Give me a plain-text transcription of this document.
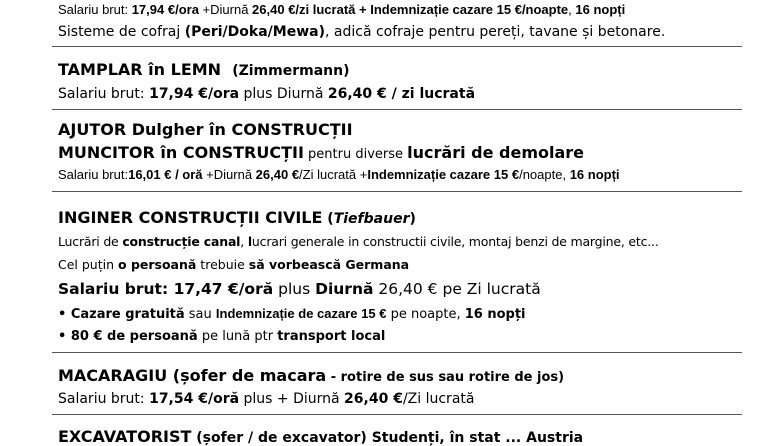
Salariu brut: 17,94 €/ora +Diurnă 26,40 €/zi lucrată + Indemnizație cazare 15 €/noapte, 16 nopți
Sisteme de cofraj (Peri/Doka/Mewa), adică cofraje pentru pereți, tavane și betonare.
TAMPLAR în LEMN (Zimmermann)
Salariu brut: 17,94 €/ora plus Diurnă 26,40 € / zi lucrată
AJUTOR Dulgher în CONSTRUCȚII
MUNCITOR în CONSTRUCȚII pentru diverse lucrări de demolare
Salariu brut:16,01 € / oră +Diurnă 26,40 €/Zi lucrată +Indemnizație cazare 15 €/noapte, 16 nopți
INGINER CONSTRUCȚII CIVILE (Tiefbauer)
Lucrări de construcție canal, lucrari generale in constructii civile, montaj benzi de margine, etc...
Cel puțin o persoană trebuie să vorbească Germana
Salariu brut: 17,47 €/oră plus Diurnă 26,40 € pe Zi lucrată
• Cazare gratuită sau Indemnizație de cazare 15 € pe noapte, 16 nopți
• 80 € de persoană pe lună ptr transport local
MACARAGIU (șofer de macara - rotire de sus sau rotire de jos)
Salariu brut: 17,54 €/oră plus + Diurnă 26,40 €/Zi lucrată
EXCAVATORIST (șofer / de excavator) Studenți, în stat ... Austria
